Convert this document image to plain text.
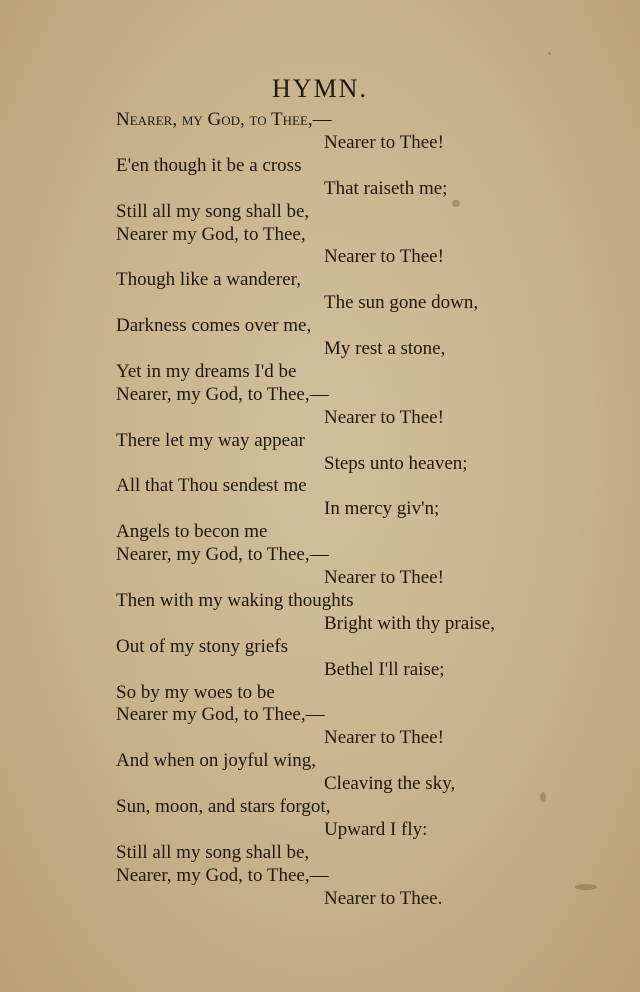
HYMN.
Nearer, my God, to Thee,—
Nearer to Thee!
E'en though it be a cross
That raiseth me;
Still all my song shall be,
Nearer my God, to Thee,
Nearer to Thee!
Though like a wanderer,
The sun gone down,
Darkness comes over me,
My rest a stone,
Yet in my dreams I'd be
Nearer, my God, to Thee,—
Nearer to Thee!
There let my way appear
Steps unto heaven;
All that Thou sendest me
In mercy giv'n;
Angels to becon me
Nearer, my God, to Thee,—
Nearer to Thee!
Then with my waking thoughts
Bright with thy praise,
Out of my stony griefs
Bethel I'll raise;
So by my woes to be
Nearer my God, to Thee,—
Nearer to Thee!
And when on joyful wing,
Cleaving the sky,
Sun, moon, and stars forgot,
Upward I fly:
Still all my song shall be,
Nearer, my God, to Thee,—
Nearer to Thee.
